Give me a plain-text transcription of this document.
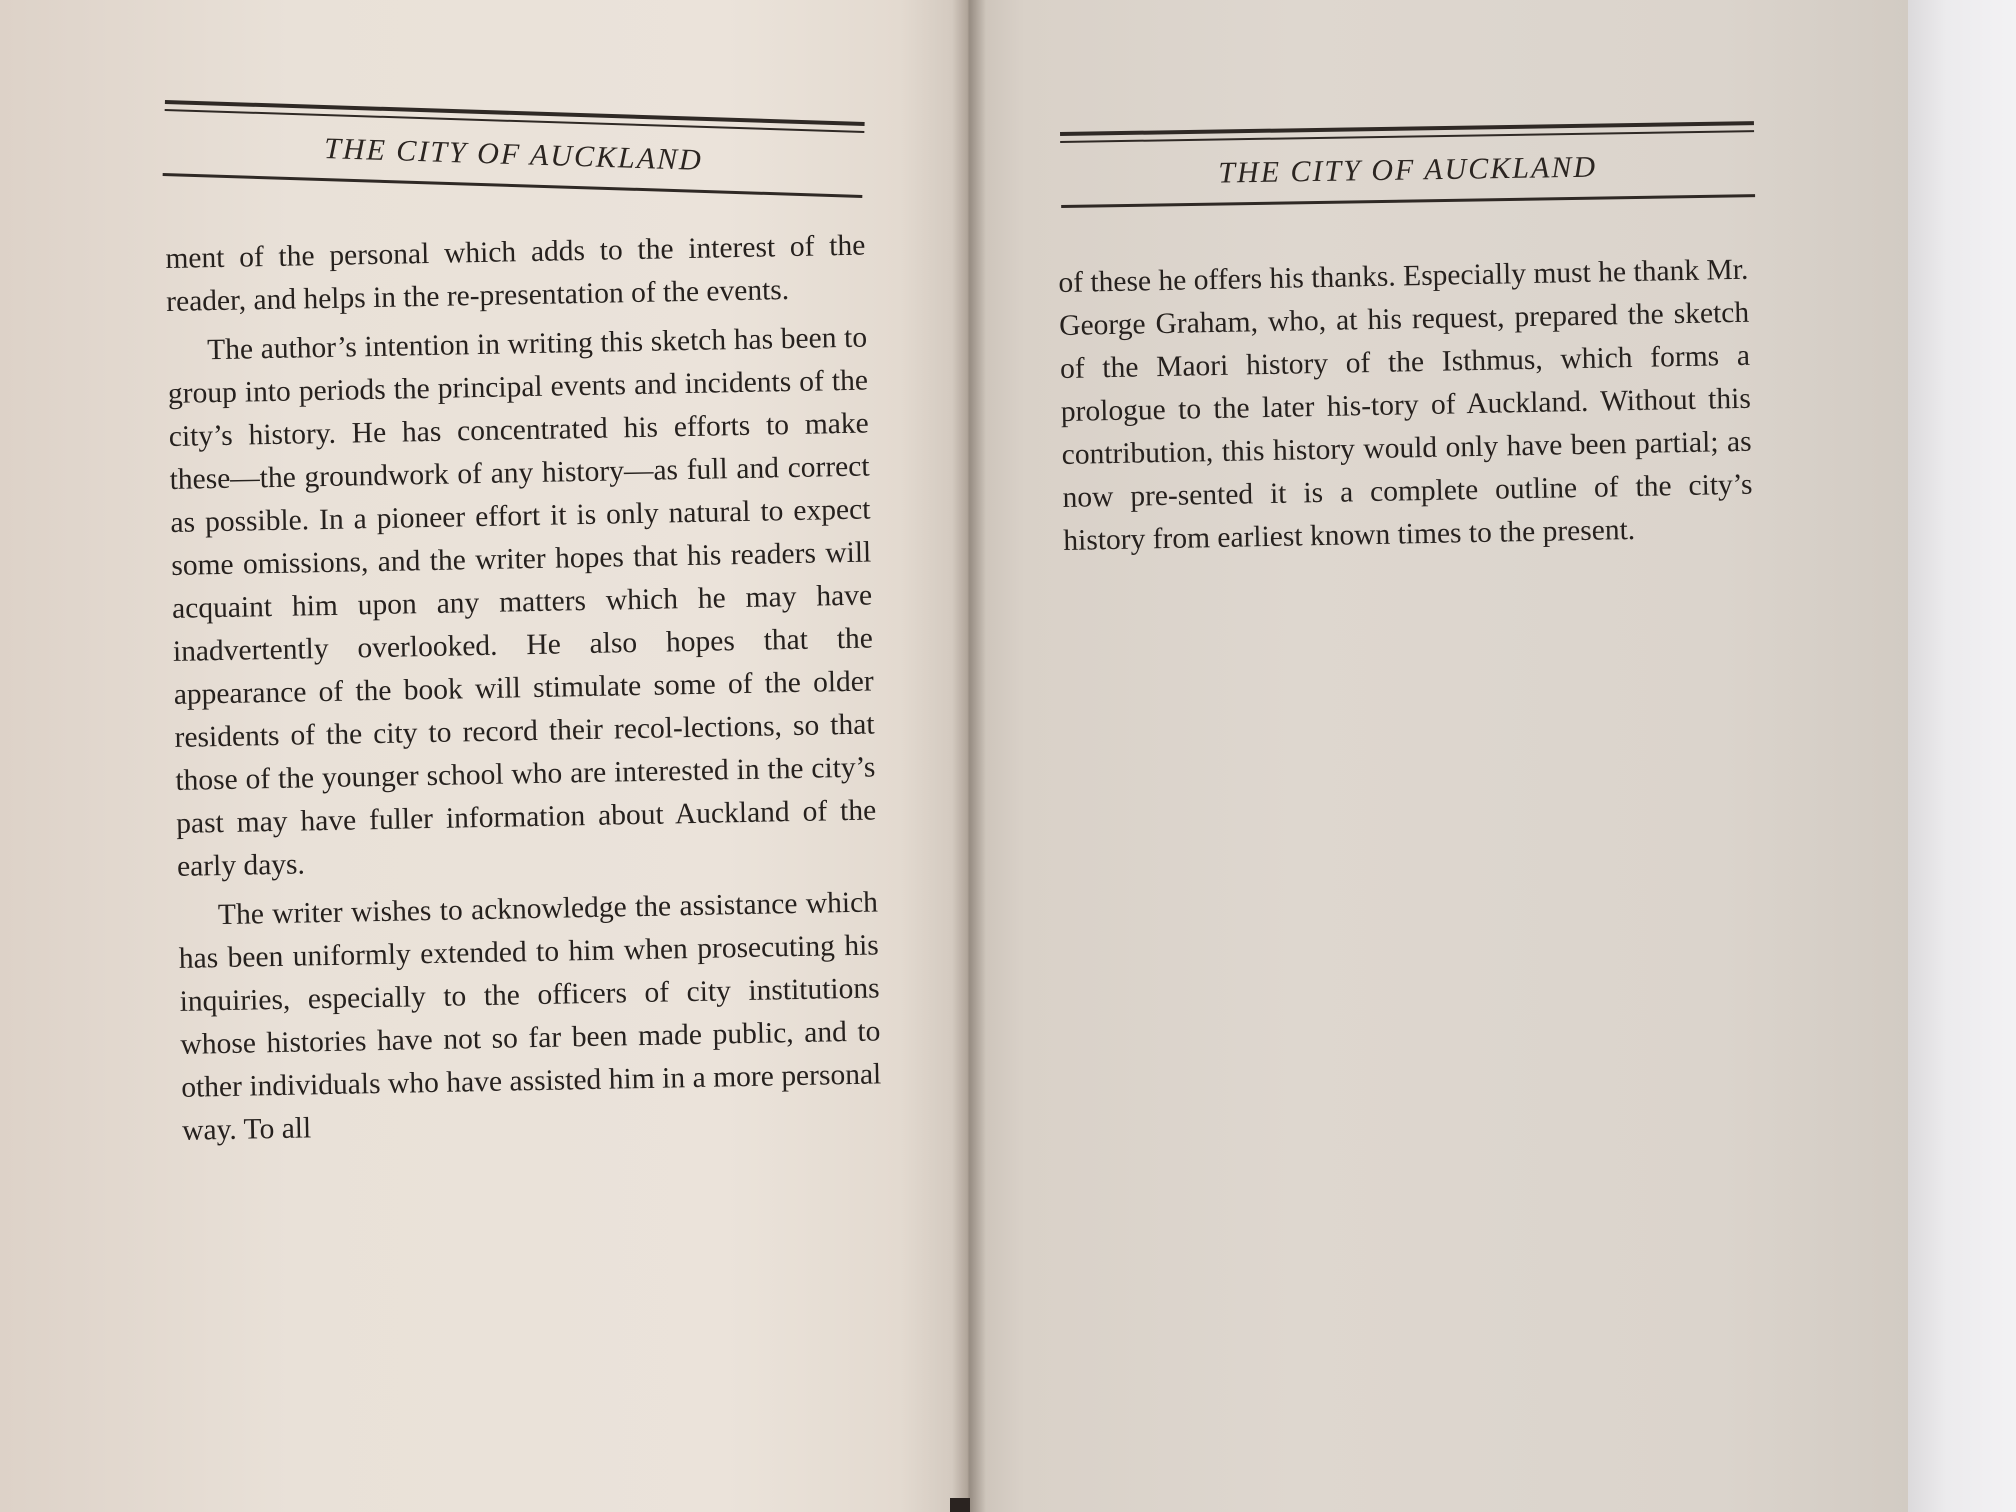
THE CITY OF AUCKLAND	THE CITY OF AUCKLAND

ment of the personal which adds to the interest of the reader, and helps in the re-presentation of the events.

The author’s intention in writing this sketch has been to group into periods the principal events and incidents of the city’s history. He has concentrated his efforts to make these—the groundwork of any history—as full and correct as possible. In a pioneer effort it is only natural to expect some omissions, and the writer hopes that his readers will acquaint him upon any matters which he may have inadvertently overlooked. He also hopes that the appearance of the book will stimulate some of the older residents of the city to record their recol-lections, so that those of the younger school who are interested in the city’s past may have fuller information about Auckland of the early days.

The writer wishes to acknowledge the assistance which has been uniformly extended to him when prosecuting his inquiries, especially to the officers of city institutions whose histories have not so far been made public, and to other individuals who have assisted him in a more personal way. To all

of these he offers his thanks. Especially must he thank Mr. George Graham, who, at his request, prepared the sketch of the Maori history of the Isthmus, which forms a prologue to the later his-tory of Auckland. Without this contribution, this history would only have been partial; as now pre-sented it is a complete outline of the city’s history from earliest known times to the present.
